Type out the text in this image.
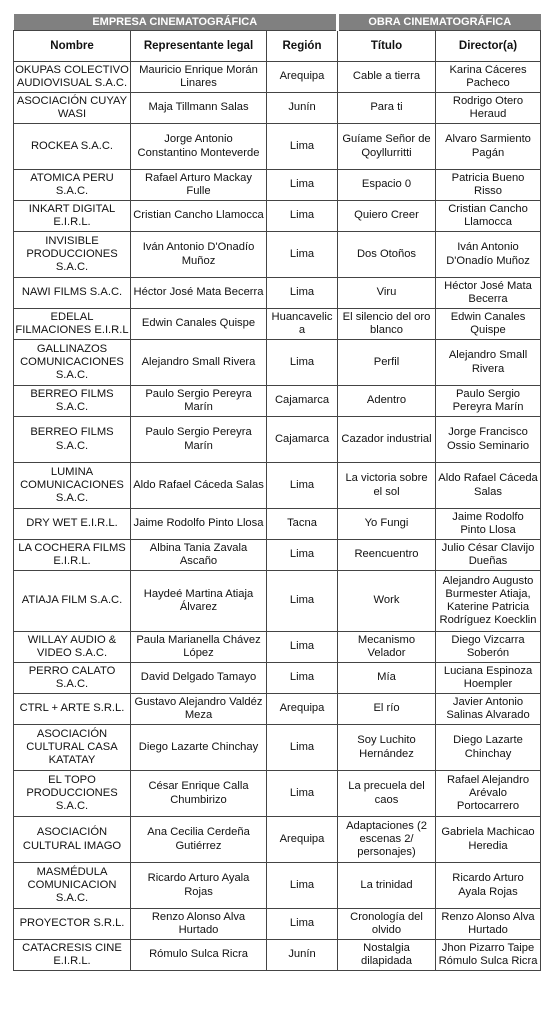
EMPRESA CINEMATOGRÁFICA			OBRA CINEMATOGRÁFICA	
Nombre	Representante legal	Región	Título	Director(a)
OKUPAS COLECTIVO AUDIOVISUAL S.A.C.	Mauricio Enrique Morán Linares	Arequipa	Cable a tierra	Karina Cáceres Pacheco
ASOCIACIÓN CUYAY WASI	Maja Tillmann Salas	Junín	Para ti	Rodrigo Otero Heraud
ROCKEA S.A.C.	Jorge Antonio Constantino Monteverde	Lima	Guíame Señor de Qoyllurritti	Alvaro Sarmiento Pagán
ATOMICA PERU S.A.C.	Rafael Arturo Mackay Fulle	Lima	Espacio 0	Patricia Bueno Risso
INKART DIGITAL E.I.R.L.	Cristian Cancho Llamocca	Lima	Quiero Creer	Cristian Cancho Llamocca
INVISIBLE PRODUCCIONES S.A.C.	Iván Antonio D'Onadío Muñoz	Lima	Dos Otoños	Iván Antonio D'Onadío Muñoz
NAWI FILMS S.A.C.	Héctor José Mata Becerra	Lima	Viru	Héctor José Mata Becerra
EDELAL FILMACIONES E.I.R.L	Edwin Canales Quispe	Huancavelica	El silencio del oro blanco	Edwin Canales Quispe
GALLINAZOS COMUNICACIONES S.A.C.	Alejandro Small Rivera	Lima	Perfil	Alejandro Small Rivera
BERREO FILMS S.A.C.	Paulo Sergio Pereyra Marín	Cajamarca	Adentro	Paulo Sergio Pereyra Marín
BERREO FILMS S.A.C.	Paulo Sergio Pereyra Marín	Cajamarca	Cazador industrial	Jorge Francisco Ossio Seminario
LUMINA COMUNICACIONES S.A.C.	Aldo Rafael Cáceda Salas	Lima	La victoria sobre el sol	Aldo Rafael Cáceda Salas
DRY WET E.I.R.L.	Jaime Rodolfo Pinto Llosa	Tacna	Yo Fungi	Jaime Rodolfo Pinto Llosa
LA COCHERA FILMS E.I.R.L.	Albina Tania Zavala Ascaño	Lima	Reencuentro	Julio César Clavijo Dueñas
ATIAJA FILM S.A.C.	Haydeé Martina Atiaja Álvarez	Lima	Work	Alejandro Augusto Burmester Atiaja, Katerine Patricia Rodríguez Koecklin
WILLAY AUDIO & VIDEO S.A.C.	Paula Marianella Chávez López	Lima	Mecanismo Velador	Diego Vizcarra Soberón
PERRO CALATO S.A.C.	David Delgado Tamayo	Lima	Mía	Luciana Espinoza Hoempler
CTRL + ARTE S.R.L.	Gustavo Alejandro Valdéz Meza	Arequipa	El río	Javier Antonio Salinas Alvarado
ASOCIACIÓN CULTURAL CASA KATATAY	Diego Lazarte Chinchay	Lima	Soy Luchito Hernández	Diego Lazarte Chinchay
EL TOPO PRODUCCIONES S.A.C.	César Enrique Calla Chumbirizo	Lima	La precuela del caos	Rafael Alejandro Arévalo Portocarrero
ASOCIACIÓN CULTURAL IMAGO	Ana Cecilia Cerdeña Gutiérrez	Arequipa	Adaptaciones (2 escenas 2/ personajes)	Gabriela Machicao Heredia
MASMÉDULA COMUNICACION S.A.C.	Ricardo Arturo Ayala Rojas	Lima	La trinidad	Ricardo Arturo Ayala Rojas
PROYECTOR S.R.L.	Renzo Alonso Alva Hurtado	Lima	Cronología del olvido	Renzo Alonso Alva Hurtado
CATACRESIS CINE E.I.R.L.	Rómulo Sulca Ricra	Junín	Nostalgia dilapidada	Jhon Pizarro Taipe Rómulo Sulca Ricra
